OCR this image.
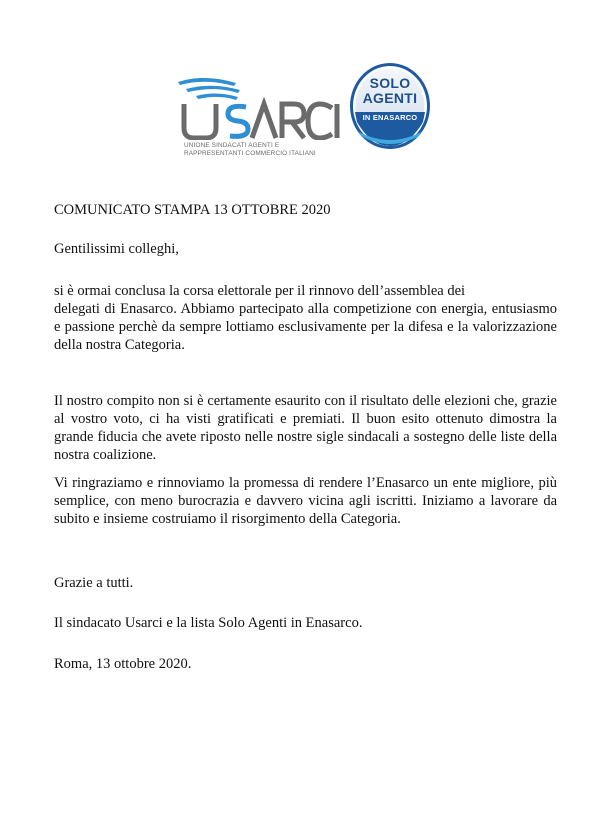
UNIONE SINDACATI AGENTI E
RAPPRESENTANTI COMMERCIO ITALIANI
SOLO
AGENTI
IN ENASARCO

COMUNICATO STAMPA 13 OTTOBRE 2020

Gentilissimi colleghi,

si è ormai conclusa la corsa elettorale per il rinnovo dell’assemblea dei
delegati di Enasarco. Abbiamo partecipato alla competizione con energia, entusiasmo e passione perchè da sempre lottiamo esclusivamente per la difesa e la valorizzazione della nostra Categoria.

Il nostro compito non si è certamente esaurito con il risultato delle elezioni che, grazie al vostro voto, ci ha visti gratificati e premiati. Il buon esito ottenuto dimostra la grande fiducia che avete riposto nelle nostre sigle sindacali a sostegno delle liste della nostra coalizione.

Vi ringraziamo e rinnoviamo la promessa di rendere l’Enasarco un ente migliore, più semplice, con meno burocrazia e davvero vicina agli iscritti. Iniziamo a lavorare da subito e insieme costruiamo il risorgimento della Categoria.

Grazie a tutti.

Il sindacato Usarci e la lista Solo Agenti in Enasarco.

Roma, 13 ottobre 2020.
